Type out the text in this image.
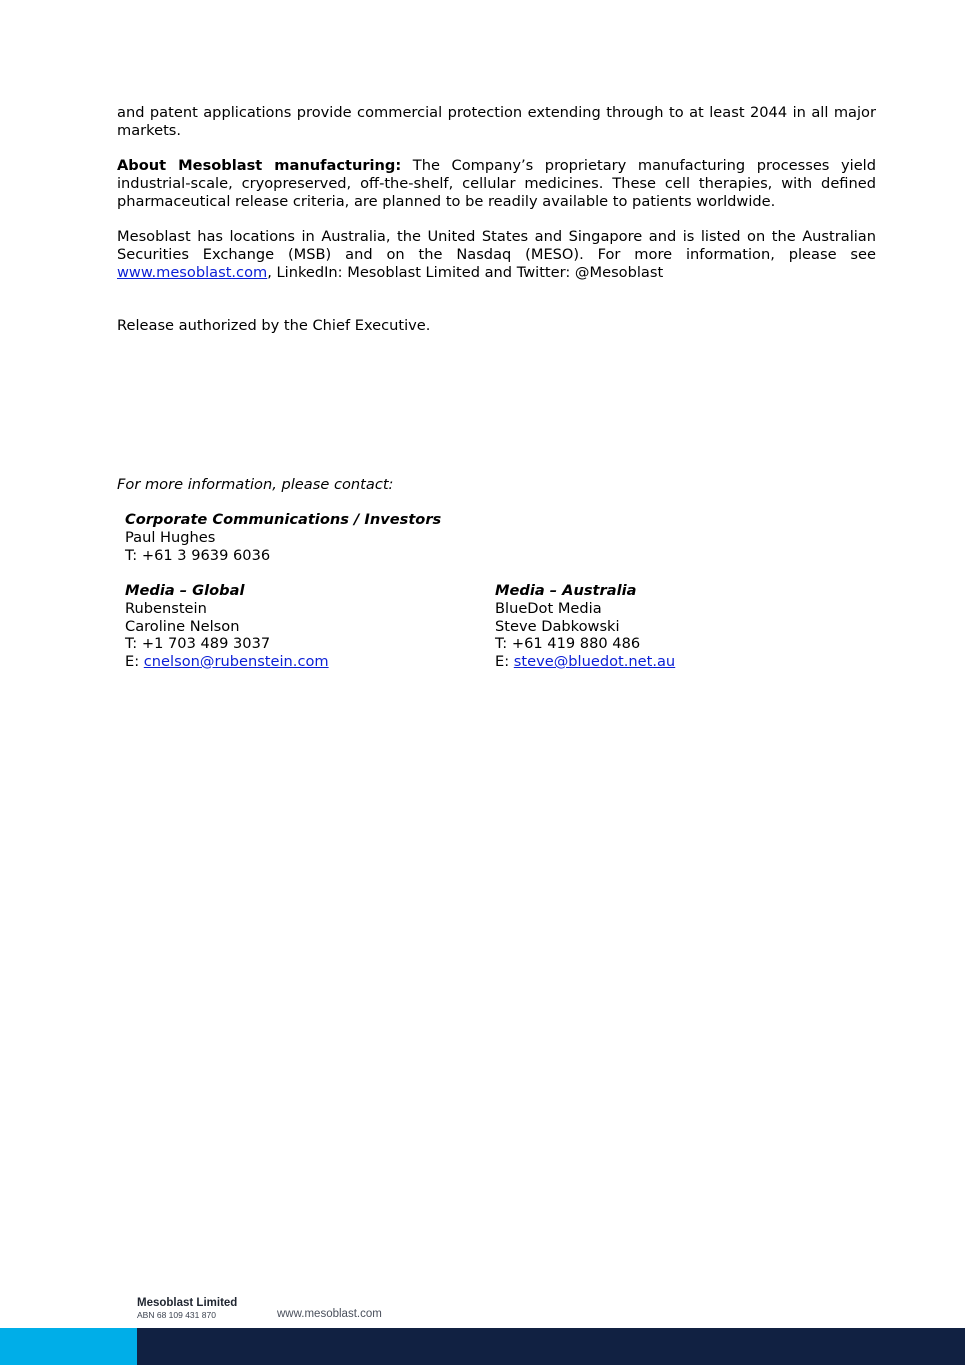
and patent applications provide commercial protection extending through to at least 2044 in all major markets.

About Mesoblast manufacturing: The Company’s proprietary manufacturing processes yield industrial-scale, cryopreserved, off-the-shelf, cellular medicines. These cell therapies, with defined pharmaceutical release criteria, are planned to be readily available to patients worldwide.

Mesoblast has locations in Australia, the United States and Singapore and is listed on the Australian Securities Exchange (MSB) and on the Nasdaq (MESO). For more information, please see www.mesoblast.com, LinkedIn: Mesoblast Limited and Twitter: @Mesoblast

Release authorized by the Chief Executive.

For more information, please contact:
Corporate Communications / Investors
Paul Hughes
T: +61 3 9639 6036
Media – Global
Rubenstein
Caroline Nelson
T: +1 703 489 3037
E: cnelson@rubenstein.com
Media – Australia
BlueDot Media
Steve Dabkowski
T: +61 419 880 486
E: steve@bluedot.net.au
Mesoblast Limited
ABN 68 109 431 870	www.mesoblast.com
